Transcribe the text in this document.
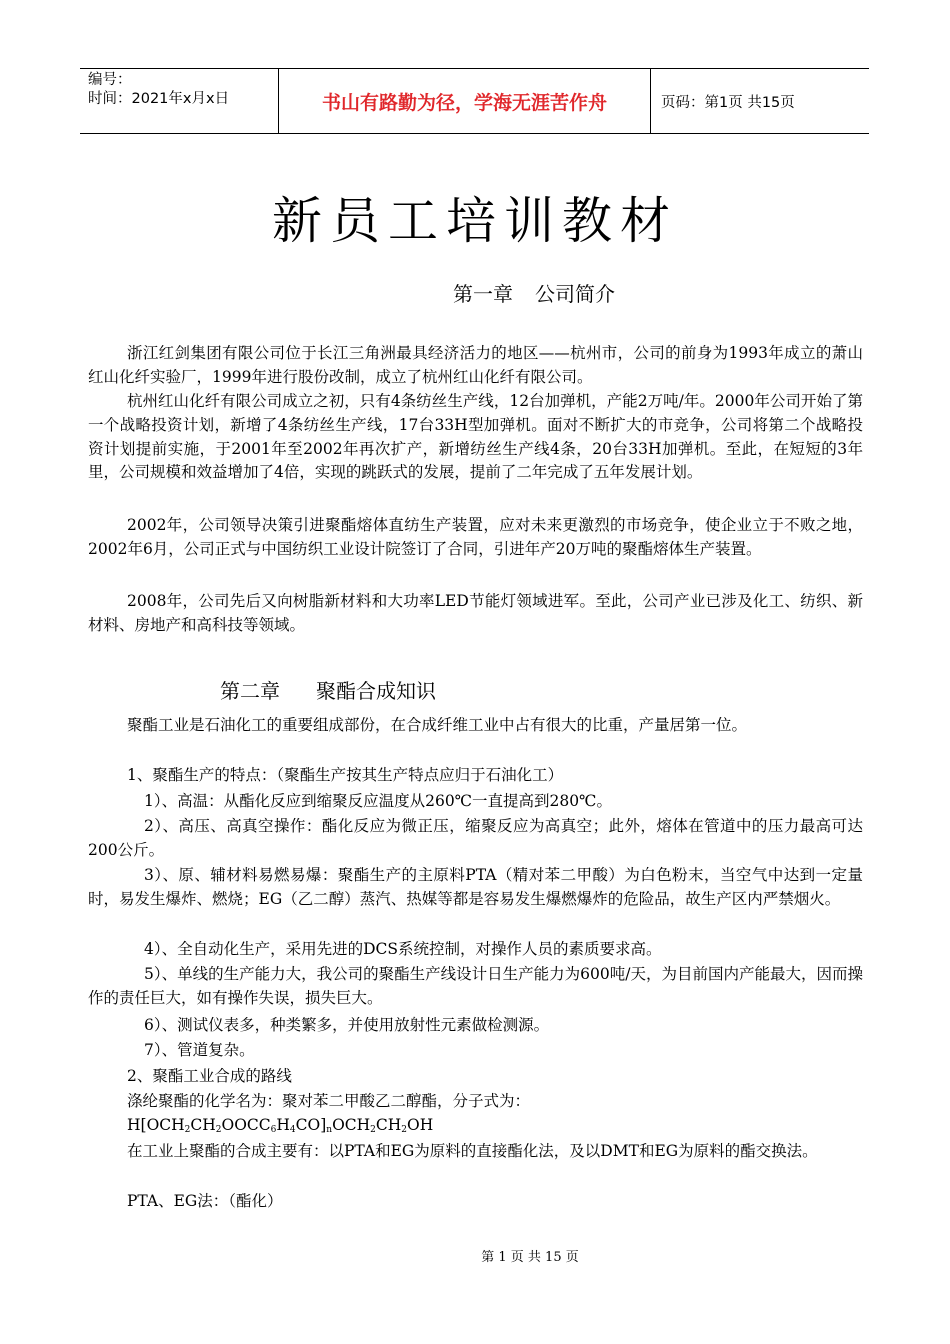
编号：
时间：2021年x月x日	书山有路勤为径，学海无涯苦作舟	页码：第1页 共15页
新员工培训教材
第一章 公司简介

浙江红剑集团有限公司位于长江三角洲最具经济活力的地区——杭州市，公司的前身为1993年成立的萧山红山化纤实验厂，1999年进行股份改制，成立了杭州红山化纤有限公司。

杭州红山化纤有限公司成立之初，只有4条纺丝生产线，12台加弹机，产能2万吨/年。2000年公司开始了第一个战略投资计划，新增了4条纺丝生产线，17台33H型加弹机。面对不断扩大的市竞争，公司将第二个战略投资计划提前实施，于2001年至2002年再次扩产，新增纺丝生产线4条，20台33H加弹机。至此，在短短的3年里，公司规模和效益增加了4倍，实现的跳跃式的发展，提前了二年完成了五年发展计划。

2002年，公司领导决策引进聚酯熔体直纺生产装置，应对未来更激烈的市场竞争，使企业立于不败之地，2002年6月，公司正式与中国纺织工业设计院签订了合同，引进年产20万吨的聚酯熔体生产装置。

2008年，公司先后又向树脂新材料和大功率LED节能灯领域进军。至此，公司产业已涉及化工、纺织、新材料、房地产和高科技等领域。

第二章 聚酯合成知识

聚酯工业是石油化工的重要组成部份，在合成纤维工业中占有很大的比重，产量居第一位。

1、聚酯生产的特点：（聚酯生产按其生产特点应归于石油化工）

1）、高温：从酯化反应到缩聚反应温度从260℃一直提高到280℃。

2）、高压、高真空操作：酯化反应为微正压，缩聚反应为高真空；此外，熔体在管道中的压力最高可达200公斤。

3）、原、辅材料易燃易爆：聚酯生产的主原料PTA（精对苯二甲酸）为白色粉末，当空气中达到一定量时，易发生爆炸、燃烧；EG（乙二醇）蒸汽、热媒等都是容易发生爆燃爆炸的危险品，故生产区内严禁烟火。

4）、全自动化生产，采用先进的DCS系统控制，对操作人员的素质要求高。

5）、单线的生产能力大，我公司的聚酯生产线设计日生产能力为600吨/天，为目前国内产能最大，因而操作的责任巨大，如有操作失误，损失巨大。

6）、测试仪表多，种类繁多，并使用放射性元素做检测源。

7）、管道复杂。

2、聚酯工业合成的路线

涤纶聚酯的化学名为：聚对苯二甲酸乙二醇酯，分子式为：

$H[OCH_2CH_2OOCC_6H_4CO]_nOCH_2CH_2OH$

在工业上聚酯的合成主要有：以PTA和EG为原料的直接酯化法，及以DMT和EG为原料的酯交换法。

PTA、EG法：（酯化）

第 1 页 共 15 页
